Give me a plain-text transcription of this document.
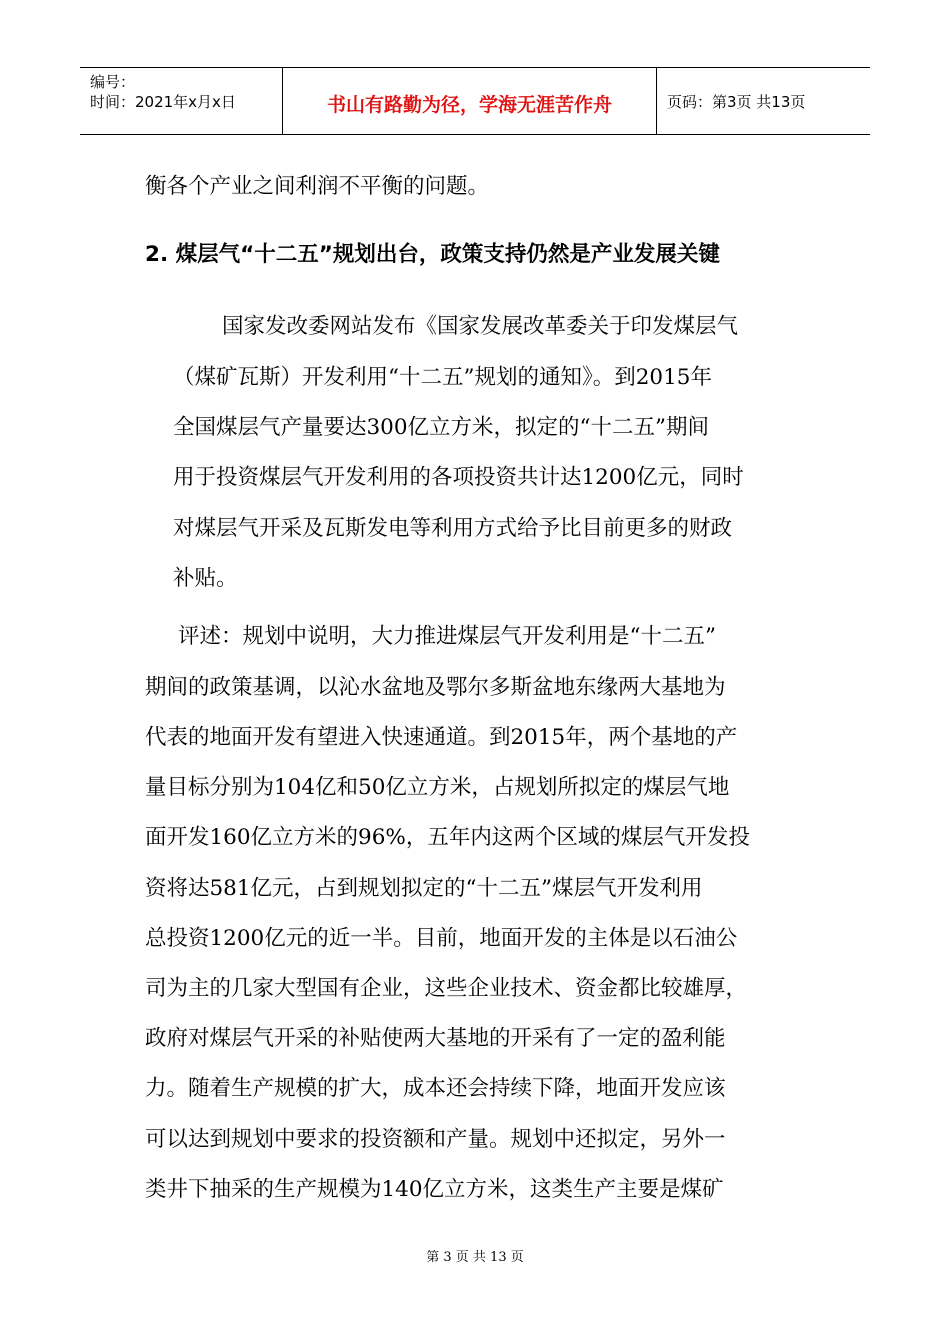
编号：
时间：2021年x月x日	书山有路勤为径，学海无涯苦作舟	页码：第3页 共13页
衡各个产业之间利润不平衡的问题。
2. 煤层气“十二五”规划出台，政策支持仍然是产业发展关键
国家发改委网站发布《国家发展改革委关于印发煤层气
（煤矿瓦斯）开发利用“十二五”规划的通知》。到2015年
全国煤层气产量要达300亿立方米，拟定的“十二五”期间
用于投资煤层气开发利用的各项投资共计达1200亿元，同时
对煤层气开采及瓦斯发电等利用方式给予比目前更多的财政
补贴。
评述：规划中说明，大力推进煤层气开发利用是“十二五”
期间的政策基调，以沁水盆地及鄂尔多斯盆地东缘两大基地为
代表的地面开发有望进入快速通道。到2015年，两个基地的产
量目标分别为104亿和50亿立方米，占规划所拟定的煤层气地
面开发160亿立方米的96%，五年内这两个区域的煤层气开发投
资将达581亿元，占到规划拟定的“十二五”煤层气开发利用
总投资1200亿元的近一半。目前，地面开发的主体是以石油公
司为主的几家大型国有企业，这些企业技术、资金都比较雄厚，
政府对煤层气开采的补贴使两大基地的开采有了一定的盈利能
力。随着生产规模的扩大，成本还会持续下降，地面开发应该
可以达到规划中要求的投资额和产量。规划中还拟定，另外一
类井下抽采的生产规模为140亿立方米，这类生产主要是煤矿
第 3 页 共 13 页
